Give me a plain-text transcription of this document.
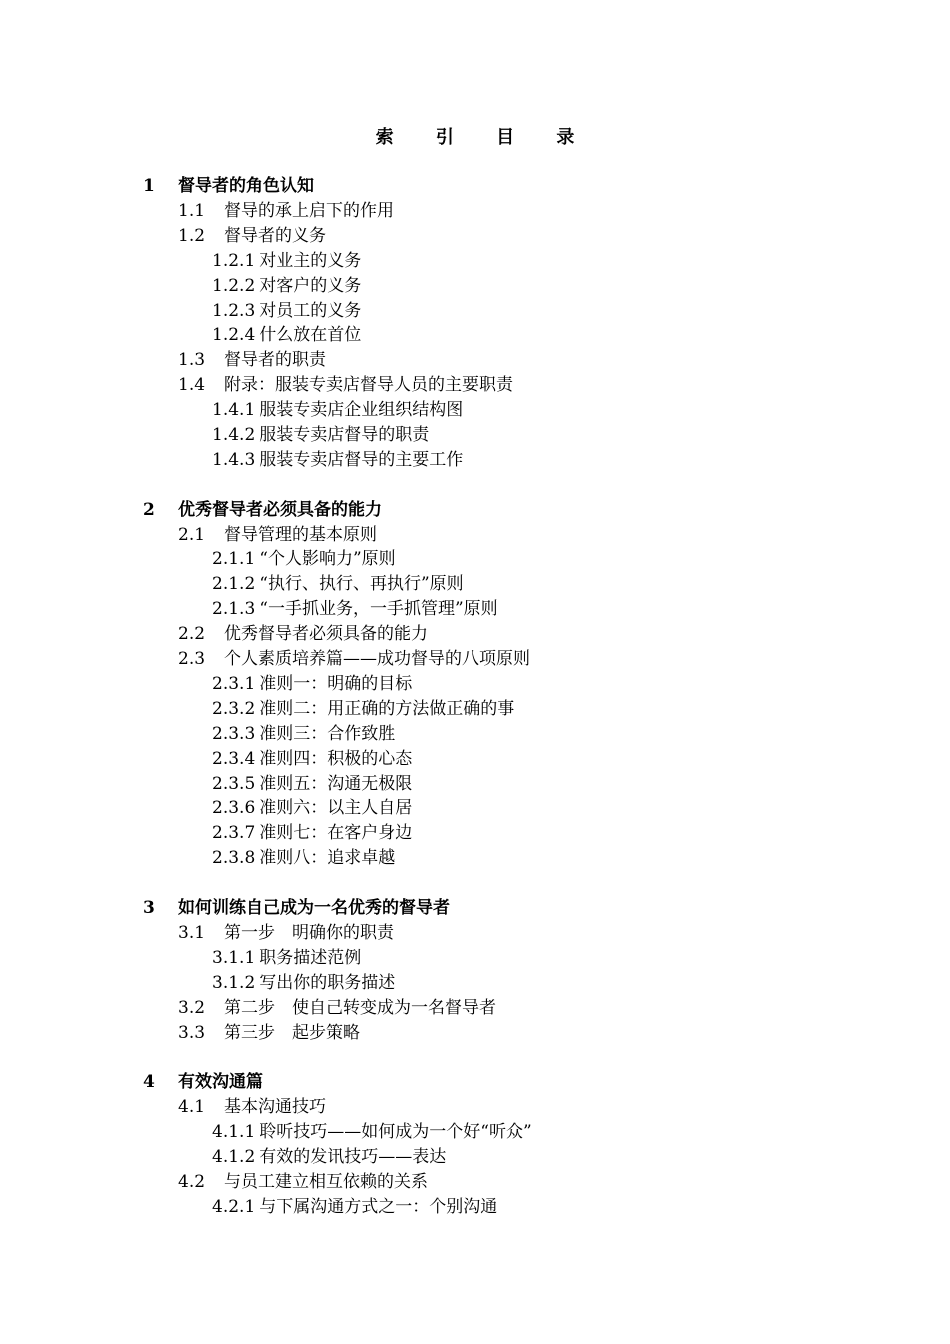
索 引 目 录
1 督导者的角色认知
1.1 督导的承上启下的作用
1.2 督导者的义务
1.2.1 对业主的义务
1.2.2 对客户的义务
1.2.3 对员工的义务
1.2.4 什么放在首位
1.3 督导者的职责
1.4 附录：服装专卖店督导人员的主要职责
1.4.1 服装专卖店企业组织结构图
1.4.2 服装专卖店督导的职责
1.4.3 服装专卖店督导的主要工作
2 优秀督导者必须具备的能力
2.1 督导管理的基本原则
2.1.1 “个人影响力”原则
2.1.2 “执行、执行、再执行”原则
2.1.3 “一手抓业务，一手抓管理”原则
2.2 优秀督导者必须具备的能力
2.3 个人素质培养篇——成功督导的八项原则
2.3.1 准则一：明确的目标
2.3.2 准则二：用正确的方法做正确的事
2.3.3 准则三：合作致胜
2.3.4 准则四：积极的心态
2.3.5 准则五：沟通无极限
2.3.6 准则六：以主人自居
2.3.7 准则七：在客户身边
2.3.8 准则八：追求卓越
3 如何训练自己成为一名优秀的督导者
3.1 第一步　明确你的职责
3.1.1 职务描述范例
3.1.2 写出你的职务描述
3.2 第二步　使自己转变成为一名督导者
3.3 第三步　起步策略
4 有效沟通篇
4.1 基本沟通技巧
4.1.1 聆听技巧——如何成为一个好“听众”
4.1.2 有效的发讯技巧——表达
4.2 与员工建立相互依赖的关系
4.2.1 与下属沟通方式之一：个别沟通
